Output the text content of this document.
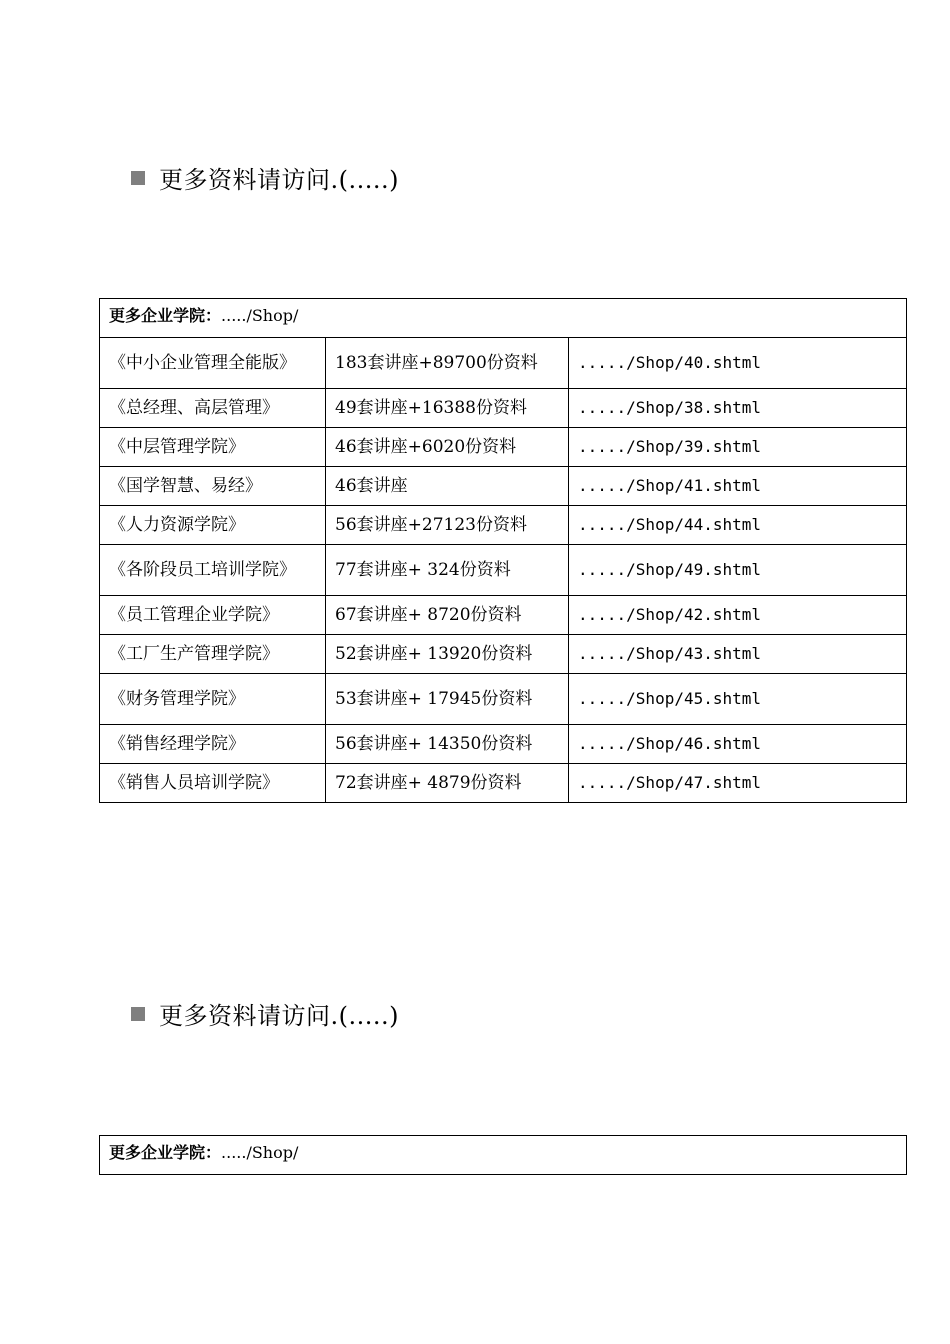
更多资料请访问.(.....)
更多企业学院：...../Shop/		
《中小企业管理全能版》	183套讲座+89700份资料	...../Shop/40.shtml
《总经理、高层管理》	49套讲座+16388份资料	...../Shop/38.shtml
《中层管理学院》	46套讲座+6020份资料	...../Shop/39.shtml
《国学智慧、易经》	46套讲座	...../Shop/41.shtml
《人力资源学院》	56套讲座+27123份资料	...../Shop/44.shtml
《各阶段员工培训学院》	77套讲座+ 324份资料	...../Shop/49.shtml
《员工管理企业学院》	67套讲座+ 8720份资料	...../Shop/42.shtml
《工厂生产管理学院》	52套讲座+ 13920份资料	...../Shop/43.shtml
《财务管理学院》	53套讲座+ 17945份资料	...../Shop/45.shtml
《销售经理学院》	56套讲座+ 14350份资料	...../Shop/46.shtml
《销售人员培训学院》	72套讲座+ 4879份资料	...../Shop/47.shtml
更多资料请访问.(.....)
更多企业学院：...../Shop/
